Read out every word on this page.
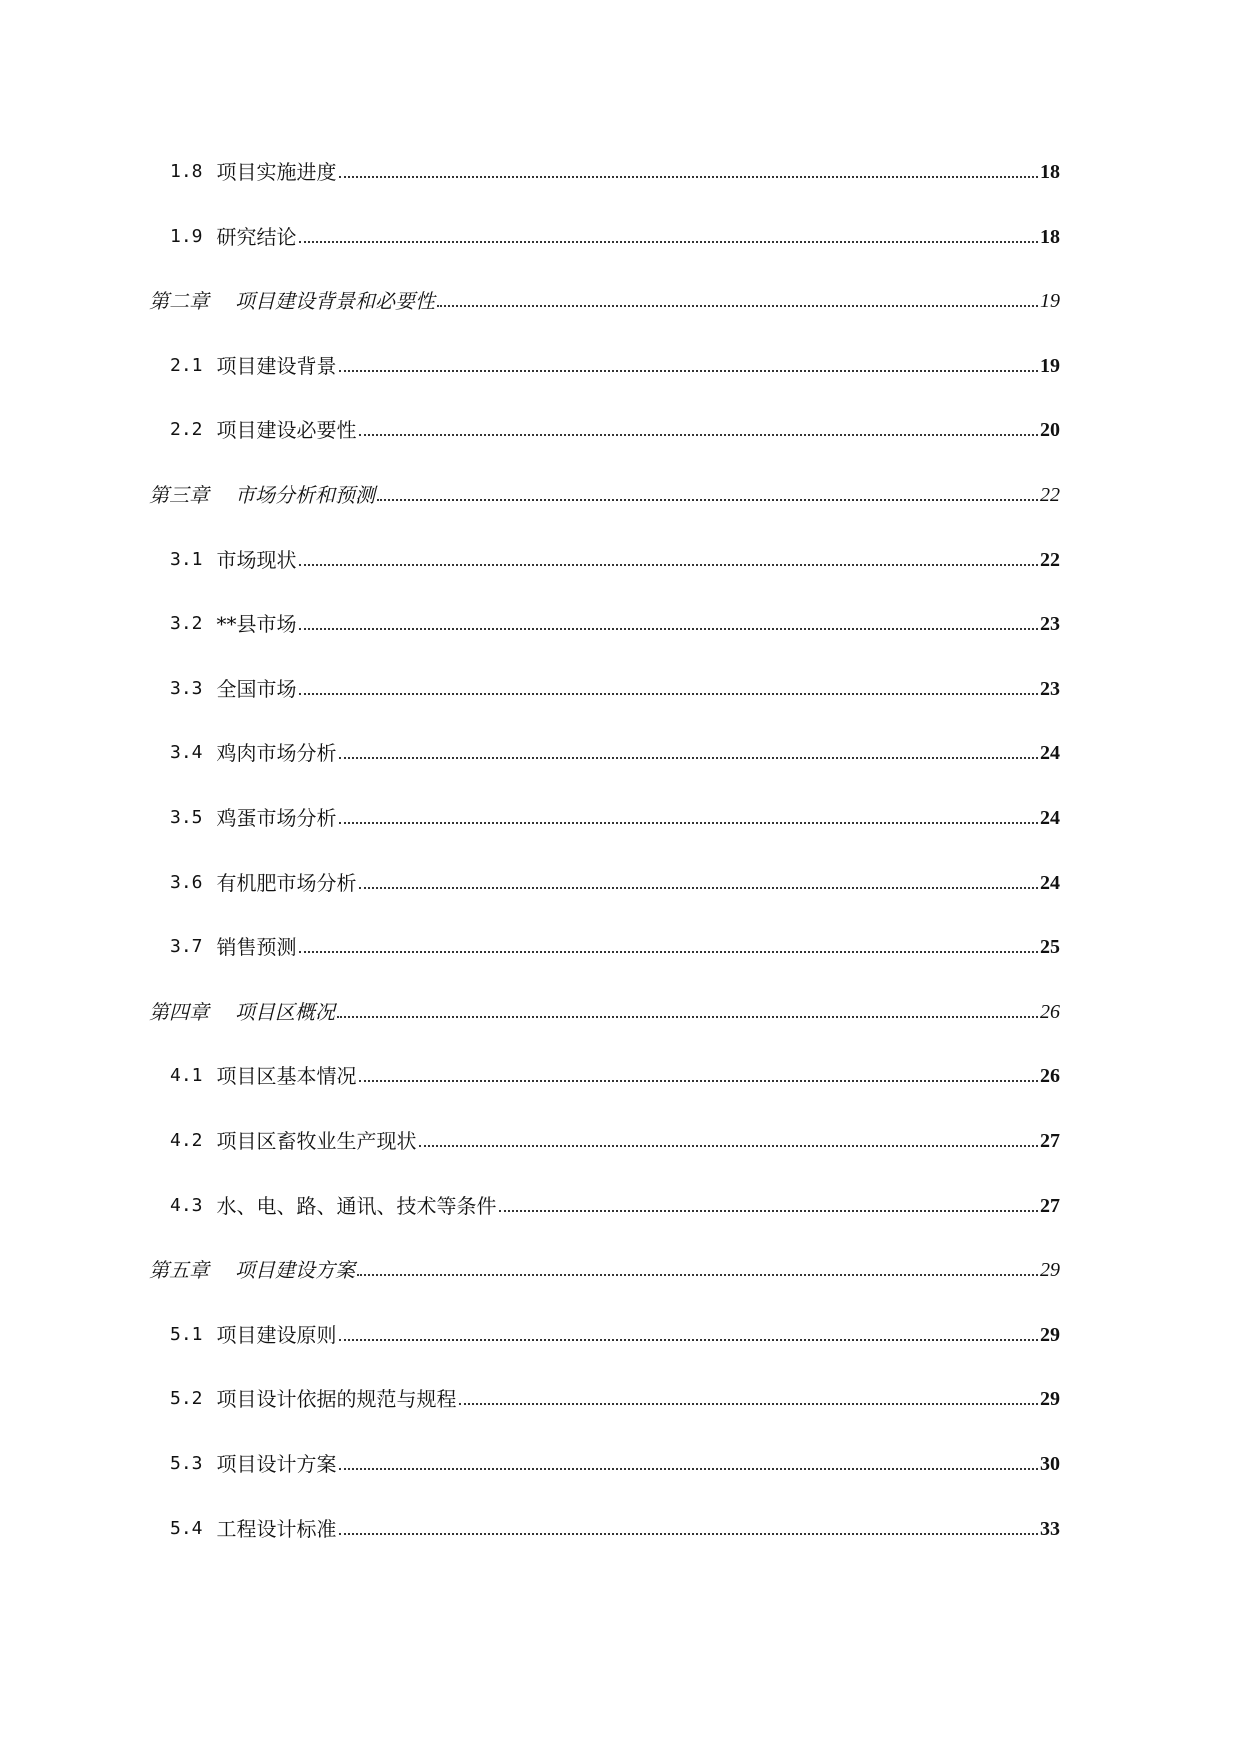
1.8 项目实施进度	18
1.9 研究结论	18
第二章 项目建设背景和必要性	19
2.1 项目建设背景	19
2.2 项目建设必要性	20
第三章 市场分析和预测	22
3.1 市场现状	22
3.2 **县市场	23
3.3 全国市场	23
3.4 鸡肉市场分析	24
3.5 鸡蛋市场分析	24
3.6 有机肥市场分析	24
3.7 销售预测	25
第四章 项目区概况	26
4.1 项目区基本情况	26
4.2 项目区畜牧业生产现状	27
4.3 水、电、路、通讯、技术等条件	27
第五章 项目建设方案	29
5.1 项目建设原则	29
5.2 项目设计依据的规范与规程	29
5.3 项目设计方案	30
5.4 工程设计标准	33
